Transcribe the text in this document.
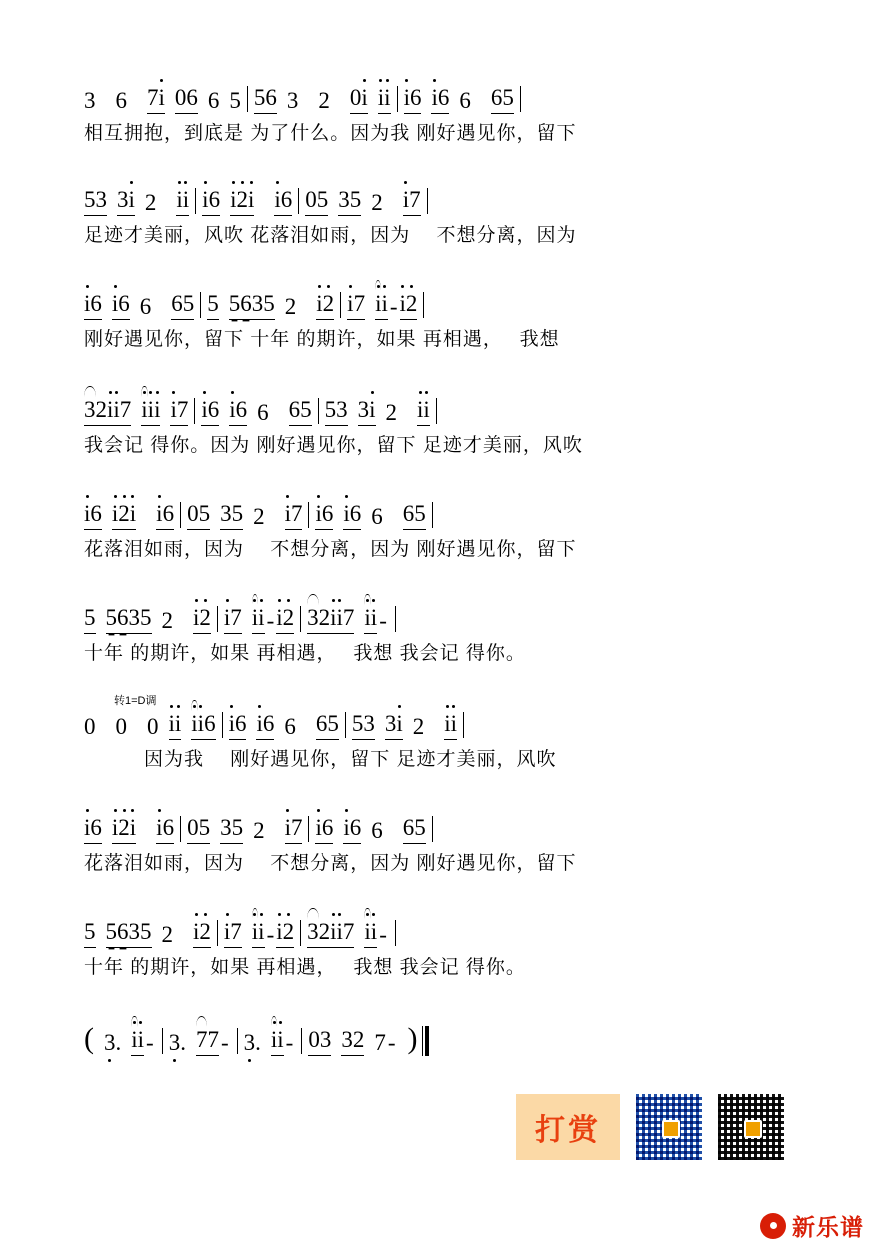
3 6 7 i 0 6 6 5 5 6 3 2 0 i i i i 6 i 6 6 6 5
相互拥抱，到底是 为了什么。因为我 刚好遇见你，留下
5 3 3 i 2 i i i 6 i 2 i i 6 0 5 3 5 2 i 7
足迹才美丽，风吹 花落泪如雨，因为　 不想分离，因为
i 6 i 6 6 6 5 5 5 6 3 5 2 i 2 i 7 i i - i 2
刚好遇见你，留下 十年 的期许，如果 再相遇，　 我想
3 2 i i 7 i i i i 7 i 6 i 6 6 6 5 5 3 3 i 2 i i
我会记 得你。因为 刚好遇见你，留下 足迹才美丽，风吹
i 6 i 2 i i 6 0 5 3 5 2 i 7 i 6 i 6 6 6 5
花落泪如雨，因为　 不想分离，因为 刚好遇见你，留下
5 5 6 3 5 2 i 2 i 7 i i - i 2 3 2 i i 7 i i -
十年 的期许，如果 再相遇，　 我想 我会记 得你。
转1=D调
0 0 0 i i i i 6 i 6 i 6 6 6 5 5 3 3 i 2 i i
　　　因为我 　刚好遇见你，留下 足迹才美丽，风吹
i 6 i 2 i i 6 0 5 3 5 2 i 7 i 6 i 6 6 6 5
花落泪如雨，因为　 不想分离，因为 刚好遇见你，留下
5 5 6 3 5 2 i 2 i 7 i i - i 2 3 2 i i 7 i i -
十年 的期许，如果 再相遇，　 我想 我会记 得你。
( 3 . i i - 3 . 7 7 - 3 . i i - 0 3 3 2 7 - )
打赏
新乐谱
